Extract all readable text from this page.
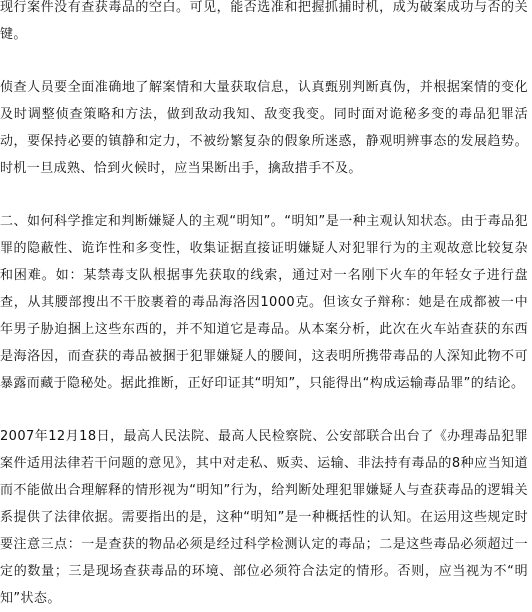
现行案件没有查获毒品的空白。可见，能否选准和把握抓捕时机，成为破案成功与否的关键。

侦查人员要全面准确地了解案情和大量获取信息，认真甄别判断真伪，并根据案情的变化及时调整侦查策略和方法，做到敌动我知、敌变我变。同时面对诡秘多变的毒品犯罪活动，要保持必要的镇静和定力，不被纷繁复杂的假象所迷惑，静观明辨事态的发展趋势。时机一旦成熟、恰到火候时，应当果断出手，擒敌措手不及。

二、如何科学推定和判断嫌疑人的主观“明知”。“明知”是一种主观认知状态。由于毒品犯罪的隐蔽性、诡诈性和多变性，收集证据直接证明嫌疑人对犯罪行为的主观故意比较复杂和困难。如：某禁毒支队根据事先获取的线索，通过对一名刚下火车的年轻女子进行盘查，从其腰部搜出不干胶裹着的毒品海洛因1000克。但该女子辩称：她是在成都被一中年男子胁迫捆上这些东西的，并不知道它是毒品。从本案分析，此次在火车站查获的东西是海洛因，而查获的毒品被捆于犯罪嫌疑人的腰间，这表明所携带毒品的人深知此物不可暴露而藏于隐秘处。据此推断，正好印证其“明知”，只能得出“构成运输毒品罪”的结论。

2007年12月18日，最高人民法院、最高人民检察院、公安部联合出台了《办理毒品犯罪案件适用法律若干问题的意见》，其中对走私、贩卖、运输、非法持有毒品的8种应当知道而不能做出合理解释的情形视为“明知”行为，给判断处理犯罪嫌疑人与查获毒品的逻辑关系提供了法律依据。需要指出的是，这种“明知”是一种概括性的认知。在运用这些规定时要注意三点：一是查获的物品必须是经过科学检测认定的毒品；二是这些毒品必须超过一定的数量；三是现场查获毒品的环境、部位必须符合法定的情形。否则，应当视为不“明知”状态。
